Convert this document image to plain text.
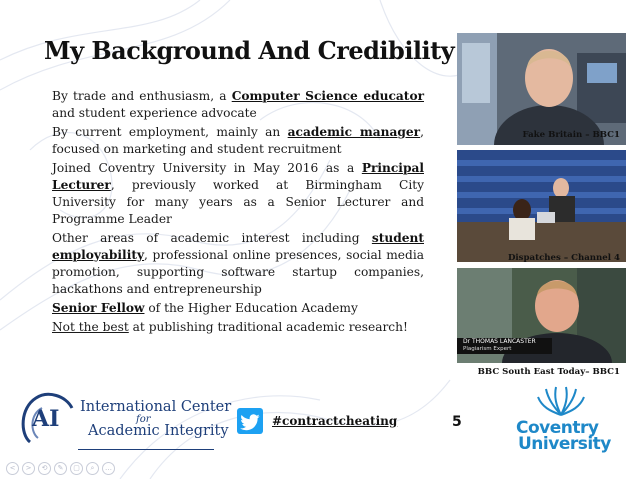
My Background And Credibility

By trade and enthusiasm, a Computer Science educator and student experience advocate

By current employment, mainly an academic manager, focused on marketing and student recruitment

Joined Coventry University in May 2016 as a Principal Lecturer, previously worked at Birmingham City University for many years as a Senior Lecturer and Programme Leader

Other areas of academic interest including student employability, professional online presences, social media promotion, supporting software startup companies, hackathons and entrepreneurship

Senior Fellow of the Higher Education Academy

Not the best at publishing traditional academic research!

Fake Britain – BBC1
Dispatches – Channel 4
Dr THOMAS LANCASTER
Plagiarism Expert
BBC South East Today– BBC1
AI International Center
for
Academic Integrity
#contractcheating	5	Coventry
University
<	>	⟲	✎	▢	⌕	…
